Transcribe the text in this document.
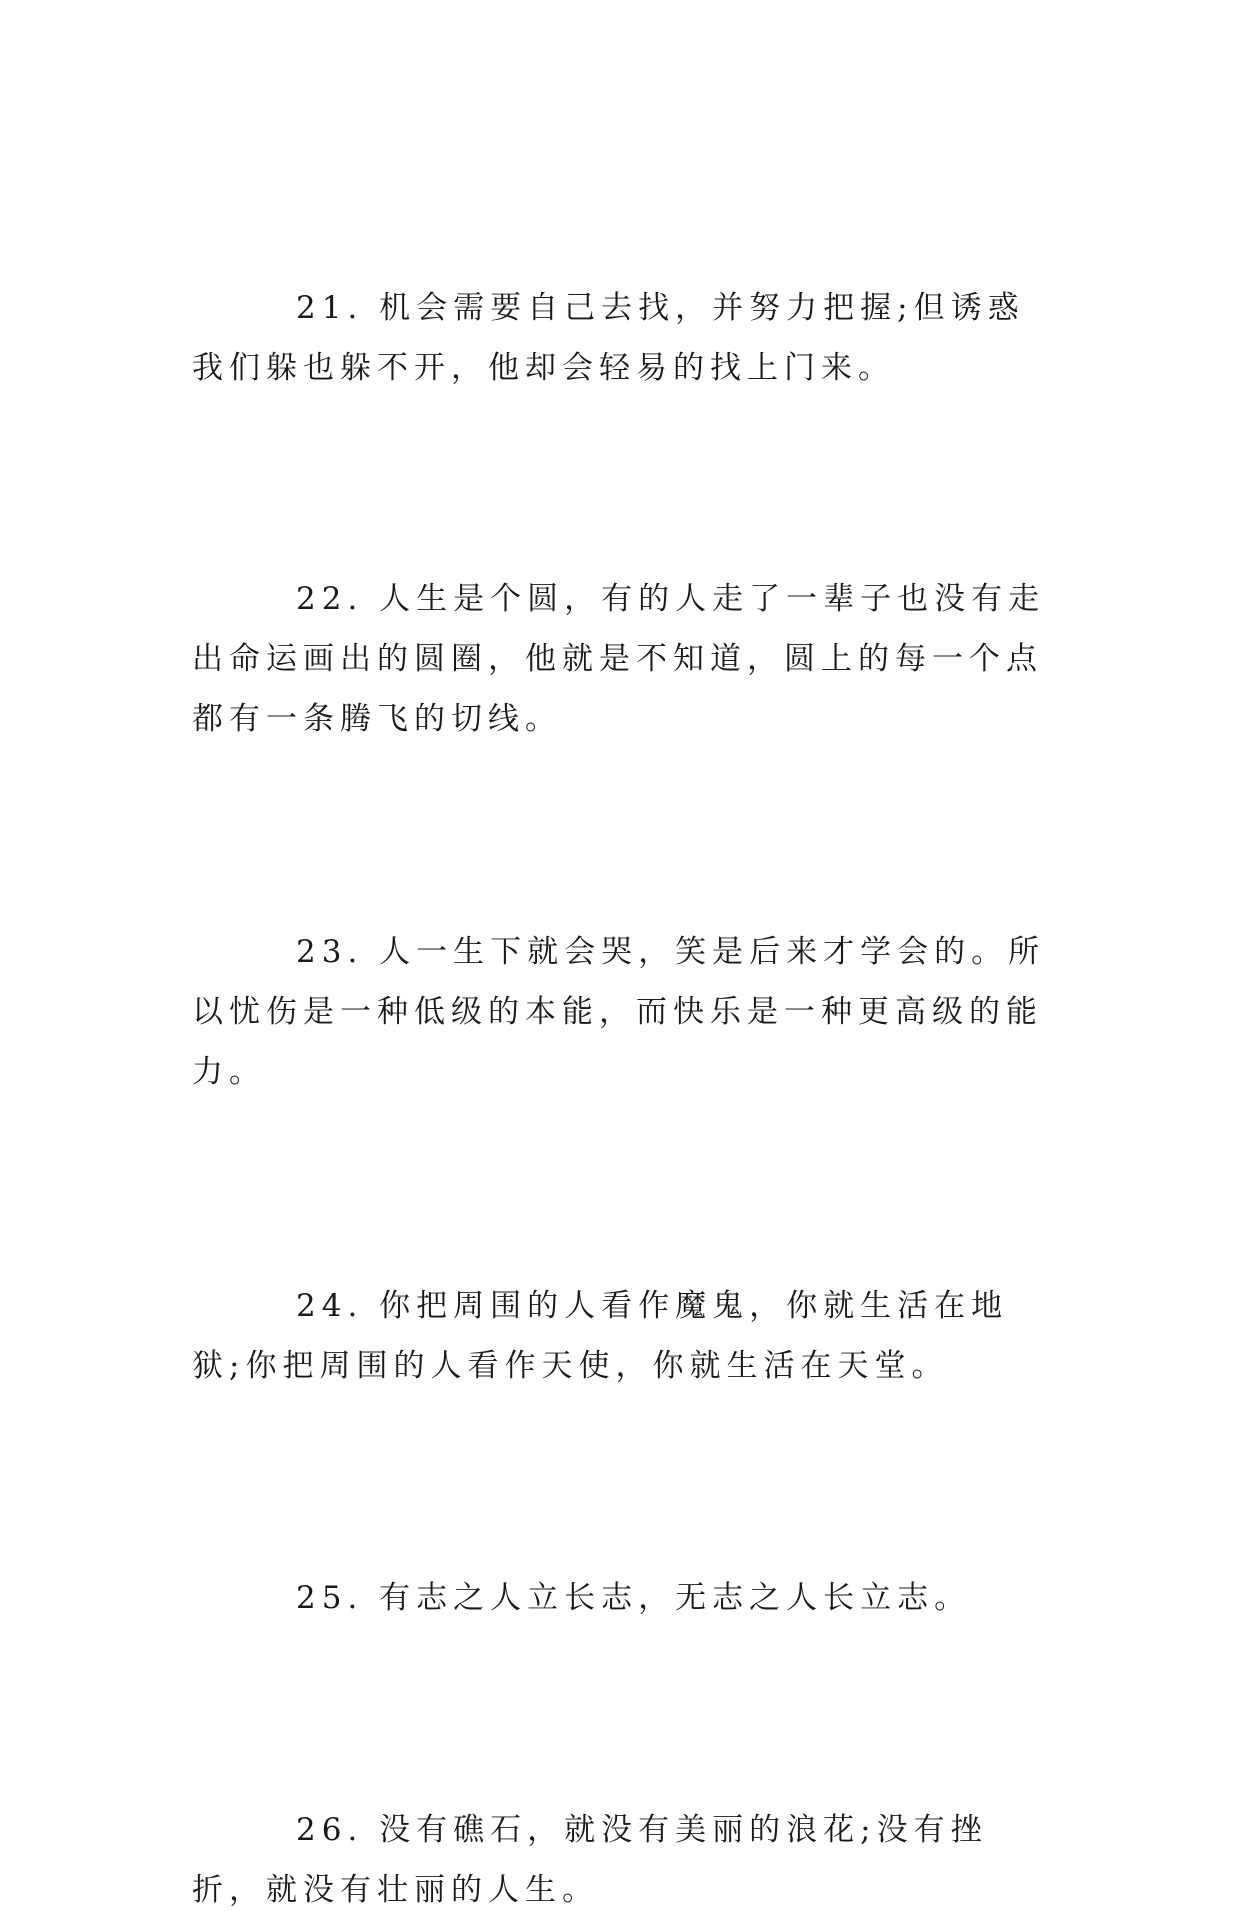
21. 机会需要自己去找，并努力把握;但诱惑我们躲也躲不开，他却会轻易的找上门来。

22. 人生是个圆，有的人走了一辈子也没有走出命运画出的圆圈，他就是不知道，圆上的每一个点都有一条腾飞的切线。

23. 人一生下就会哭，笑是后来才学会的。所以忧伤是一种低级的本能，而快乐是一种更高级的能力。

24. 你把周围的人看作魔鬼，你就生活在地狱;你把周围的人看作天使，你就生活在天堂。

25. 有志之人立长志，无志之人长立志。

26. 没有礁石，就没有美丽的浪花;没有挫折，就没有壮丽的人生。
